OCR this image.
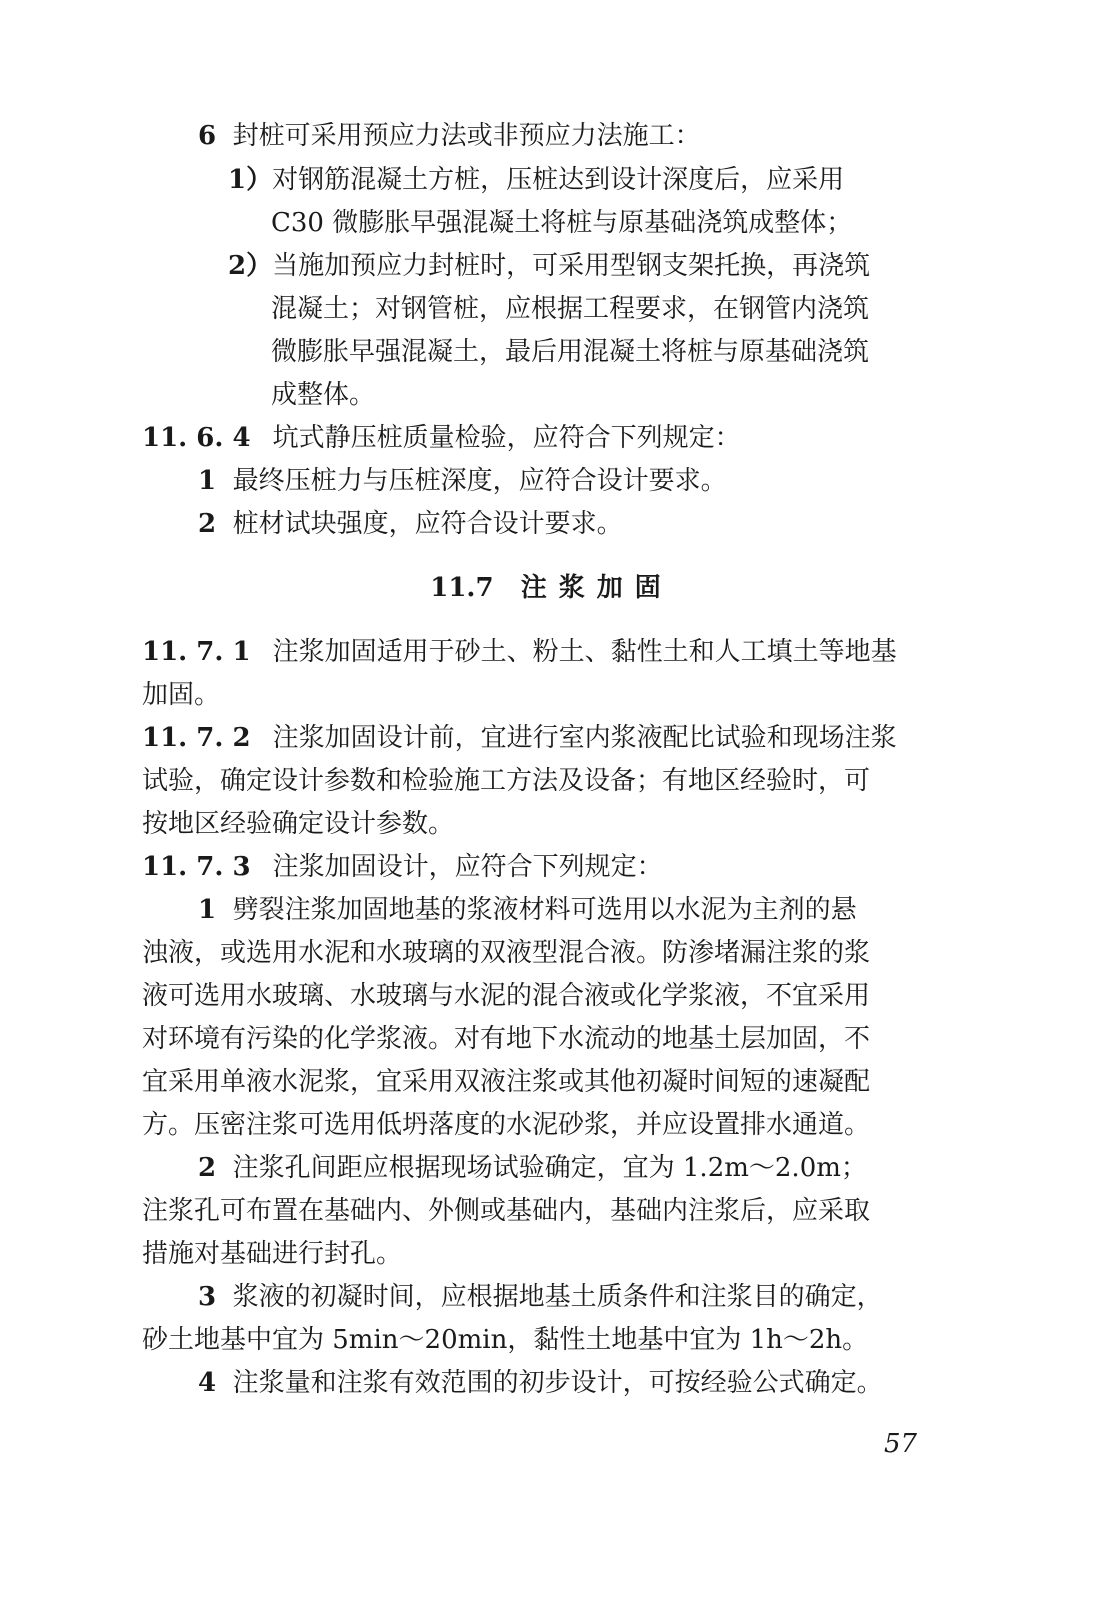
6 封桩可采用预应力法或非预应力法施工：

1）对钢筋混凝土方桩，压桩达到设计深度后，应采用

C30 微膨胀早强混凝土将桩与原基础浇筑成整体；

2）当施加预应力封桩时，可采用型钢支架托换，再浇筑

混凝土；对钢管桩，应根据工程要求，在钢管内浇筑

微膨胀早强混凝土，最后用混凝土将桩与原基础浇筑

成整体。

11. 6. 4 坑式静压桩质量检验，应符合下列规定：

1 最终压桩力与压桩深度，应符合设计要求。

2 桩材试块强度，应符合设计要求。

11.7 注浆加固

11. 7. 1 注浆加固适用于砂土、粉土、黏性土和人工填土等地基

加固。

11. 7. 2 注浆加固设计前，宜进行室内浆液配比试验和现场注浆

试验，确定设计参数和检验施工方法及设备；有地区经验时，可

按地区经验确定设计参数。

11. 7. 3 注浆加固设计，应符合下列规定：

1 劈裂注浆加固地基的浆液材料可选用以水泥为主剂的悬

浊液，或选用水泥和水玻璃的双液型混合液。防渗堵漏注浆的浆

液可选用水玻璃、水玻璃与水泥的混合液或化学浆液，不宜采用

对环境有污染的化学浆液。对有地下水流动的地基土层加固，不

宜采用单液水泥浆，宜采用双液注浆或其他初凝时间短的速凝配

方。压密注浆可选用低坍落度的水泥砂浆，并应设置排水通道。

2 注浆孔间距应根据现场试验确定，宜为 1.2m～2.0m；

注浆孔可布置在基础内、外侧或基础内，基础内注浆后，应采取

措施对基础进行封孔。

3 浆液的初凝时间，应根据地基土质条件和注浆目的确定，

砂土地基中宜为 5min～20min，黏性土地基中宜为 1h～2h。

4 注浆量和注浆有效范围的初步设计，可按经验公式确定。

57
